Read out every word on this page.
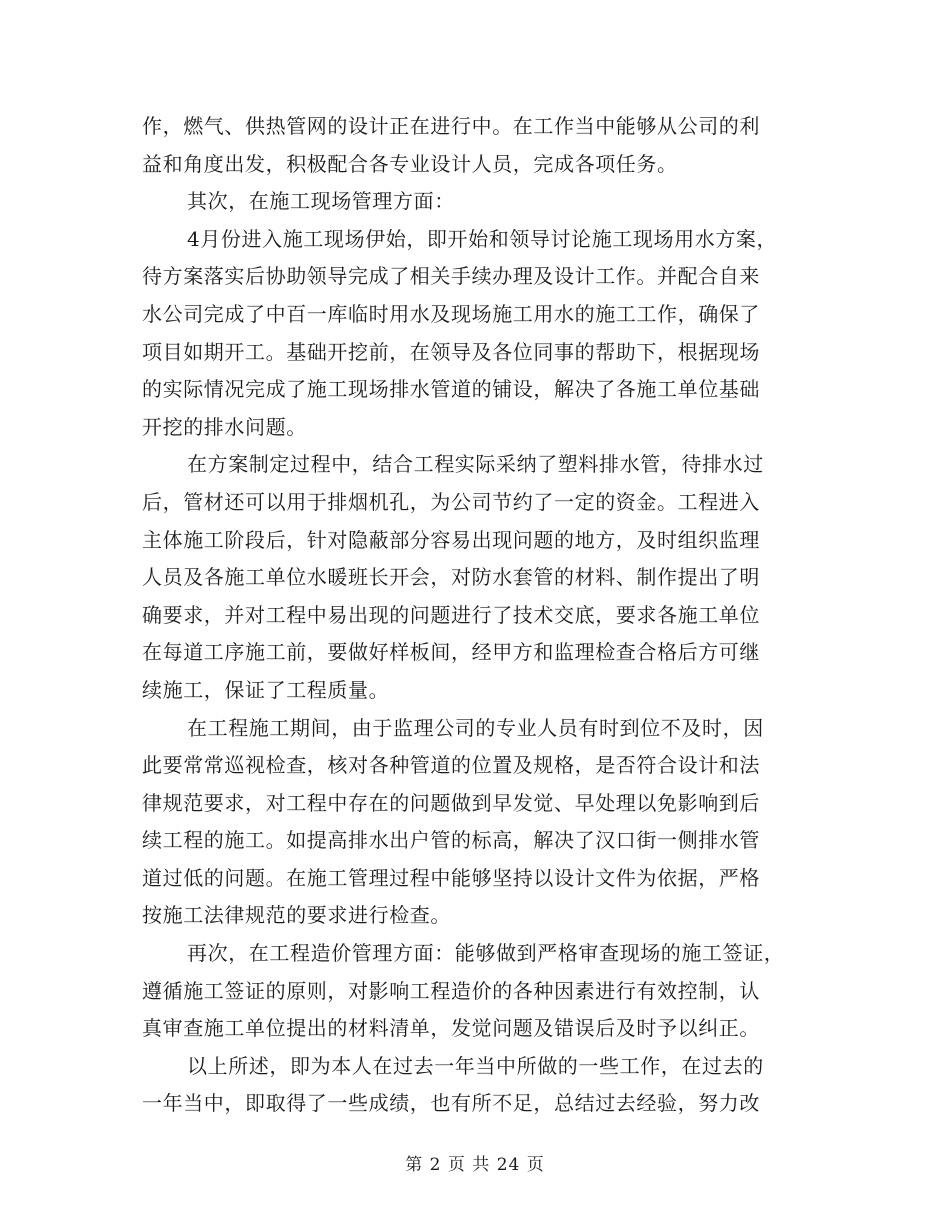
作，燃气、供热管网的设计正在进行中。在工作当中能够从公司的利
益和角度出发，积极配合各专业设计人员，完成各项任务。
其次，在施工现场管理方面：
4月份进入施工现场伊始，即开始和领导讨论施工现场用水方案，
待方案落实后协助领导完成了相关手续办理及设计工作。并配合自来
水公司完成了中百一库临时用水及现场施工用水的施工工作，确保了
项目如期开工。基础开挖前，在领导及各位同事的帮助下，根据现场
的实际情况完成了施工现场排水管道的铺设，解决了各施工单位基础
开挖的排水问题。
在方案制定过程中，结合工程实际采纳了塑料排水管，待排水过
后，管材还可以用于排烟机孔，为公司节约了一定的资金。工程进入
主体施工阶段后，针对隐蔽部分容易出现问题的地方，及时组织监理
人员及各施工单位水暖班长开会，对防水套管的材料、制作提出了明
确要求，并对工程中易出现的问题进行了技术交底，要求各施工单位
在每道工序施工前，要做好样板间，经甲方和监理检查合格后方可继
续施工，保证了工程质量。
在工程施工期间，由于监理公司的专业人员有时到位不及时，因
此要常常巡视检查，核对各种管道的位置及规格，是否符合设计和法
律规范要求，对工程中存在的问题做到早发觉、早处理以免影响到后
续工程的施工。如提高排水出户管的标高，解决了汉口街一侧排水管
道过低的问题。在施工管理过程中能够坚持以设计文件为依据，严格
按施工法律规范的要求进行检查。
再次，在工程造价管理方面：能够做到严格审查现场的施工签证，
遵循施工签证的原则，对影响工程造价的各种因素进行有效控制，认
真审查施工单位提出的材料清单，发觉问题及错误后及时予以纠正。
以上所述，即为本人在过去一年当中所做的一些工作，在过去的
一年当中，即取得了一些成绩，也有所不足，总结过去经验，努力改
第 2 页 共 24 页
